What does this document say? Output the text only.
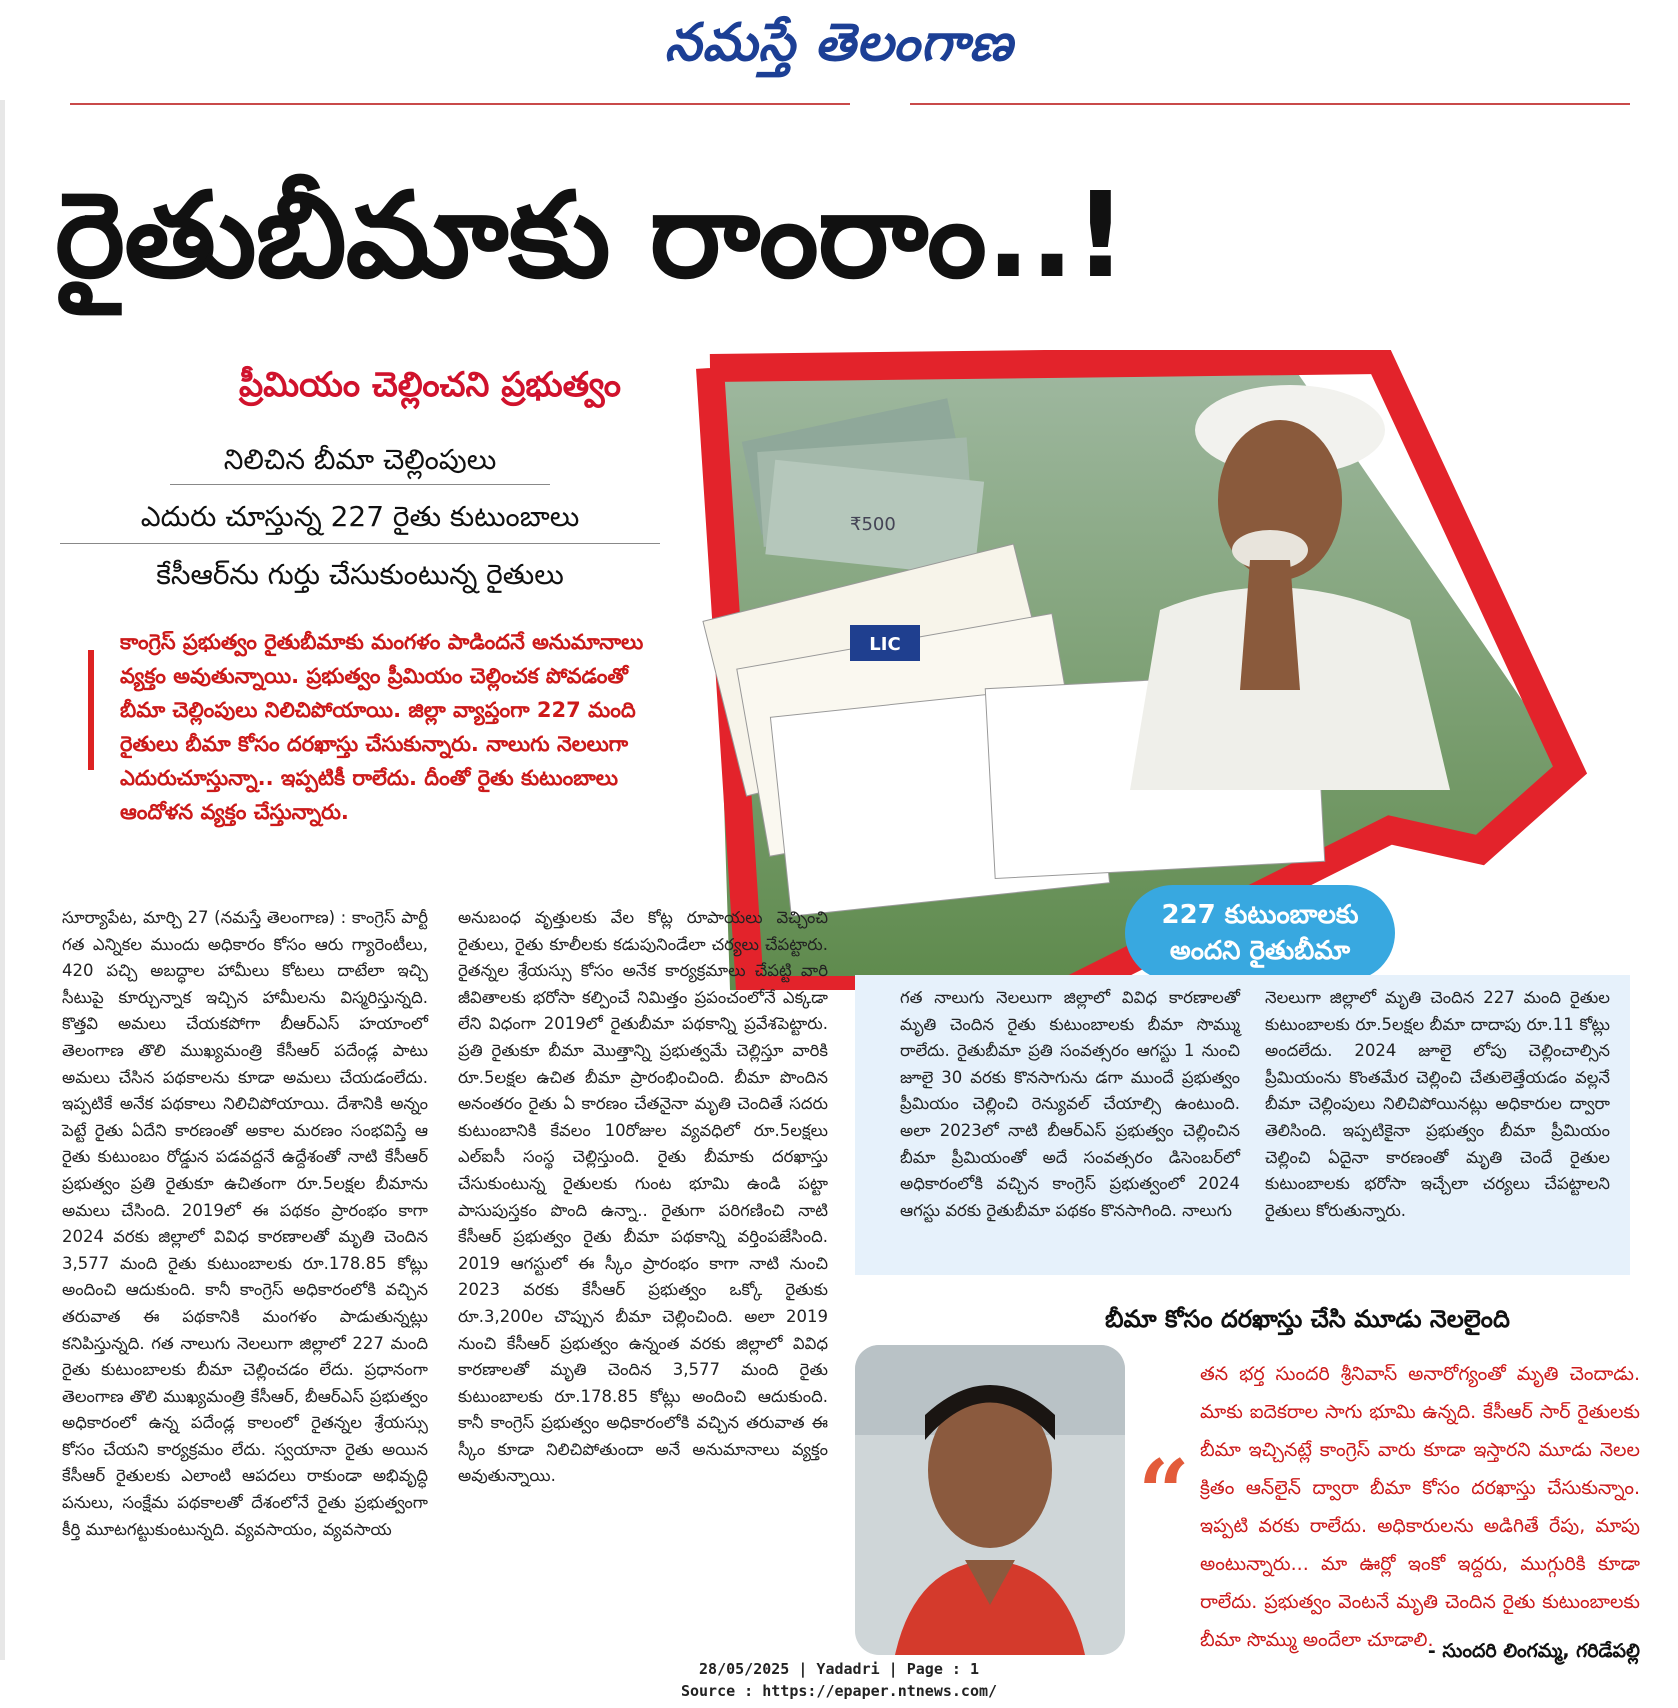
నమస్తే తెలంగాణ
రైతుబీమాకు రాంరాం..!
ప్రీమియం చెల్లించని ప్రభుత్వం
నిలిచిన బీమా చెల్లింపులు
ఎదురు చూస్తున్న 227 రైతు కుటుంబాలు
కేసీఆర్‌ను గుర్తు చేసుకుంటున్న రైతులు
కాంగ్రెస్‌ ప్రభుత్వం రైతుబీమాకు మంగళం పాడిందనే అనుమానాలు వ్యక్తం అవుతున్నాయి. ప్రభుత్వం ప్రీమియం చెల్లించక పోవడంతో బీమా చెల్లింపులు నిలిచిపోయాయి. జిల్లా వ్యాప్తంగా 227 మంది రైతులు బీమా కోసం దరఖాస్తు చేసుకున్నారు. నాలుగు నెలలుగా ఎదురుచూస్తున్నా.. ఇప్పటికీ రాలేదు. దీంతో రైతు కుటుంబాలు ఆందోళన వ్యక్తం చేస్తున్నారు.
₹500
LIC
227 కుటుంబాలకు అందని రైతుబీమా
సూర్యాపేట, మార్చి 27 (నమస్తే తెలంగాణ) : కాంగ్రెస్‌ పార్టీ గత ఎన్నికల ముందు అధికారం కోసం ఆరు గ్యారెంటీలు, 420 పచ్చి అబద్ధాల హామీలు కోటలు దాటేలా ఇచ్చి సీటుపై కూర్చున్నాక ఇచ్చిన హామీలను విస్మరిస్తున్నది. కొత్తవి అమలు చేయకపోగా బీఆర్‌ఎస్‌ హయాంలో తెలంగాణ తొలి ముఖ్యమంత్రి కేసీఆర్‌ పదేండ్ల పాటు అమలు చేసిన పథకాలను కూడా అమలు చేయడంలేదు. ఇప్పటికే అనేక పథకాలు నిలిచిపోయాయి. దేశానికి అన్నం పెట్టే రైతు ఏదేని కారణంతో అకాల మరణం సంభవిస్తే ఆ రైతు కుటుంబం రోడ్డున పడవద్దనే ఉద్దేశంతో నాటి కేసీఆర్‌ ప్రభుత్వం ప్రతి రైతుకూ ఉచితంగా రూ.5లక్షల బీమాను అమలు చేసింది. 2019లో ఈ పథకం ప్రారంభం కాగా 2024 వరకు జిల్లాలో వివిధ కారణాలతో మృతి చెందిన 3,577 మంది రైతు కుటుంబాలకు రూ.178.85 కోట్లు అందించి ఆదుకుంది. కానీ కాంగ్రెస్‌ అధికారంలోకి వచ్చిన తరువాత ఈ పథకానికి మంగళం పాడుతున్నట్లు కనిపిస్తున్నది. గత నాలుగు నెలలుగా జిల్లాలో 227 మంది రైతు కుటుంబాలకు బీమా చెల్లించడం లేదు. ప్రధానంగా తెలంగాణ తొలి ముఖ్యమంత్రి కేసీఆర్‌, బీఆర్‌ఎస్‌ ప్రభుత్వం అధికారంలో ఉన్న పదేండ్ల కాలంలో రైతన్నల శ్రేయస్సు కోసం చేయని కార్యక్రమం లేదు. స్వయానా రైతు అయిన కేసీఆర్‌ రైతులకు ఎలాంటి ఆపదలు రాకుండా అభివృద్ధి పనులు, సంక్షేమ పథకాలతో దేశంలోనే రైతు ప్రభుత్వంగా కీర్తి మూటగట్టుకుంటున్నది. వ్యవసాయం, వ్యవసాయ
అనుబంధ వృత్తులకు వేల కోట్ల రూపాయలు వెచ్చించి రైతులు, రైతు కూలీలకు కడుపునిండేలా చర్యలు చేపట్టారు. రైతన్నల శ్రేయస్సు కోసం అనేక కార్యక్రమాలు చేపట్టి వారి జీవితాలకు భరోసా కల్పించే నిమిత్తం ప్రపంచంలోనే ఎక్కడా లేని విధంగా 2019లో రైతుబీమా పథకాన్ని ప్రవేశపెట్టారు. ప్రతి రైతుకూ బీమా మొత్తాన్ని ప్రభుత్వమే చెల్లిస్తూ వారికి రూ.5లక్షల ఉచిత బీమా ప్రారంభించింది. బీమా పొందిన అనంతరం రైతు ఏ కారణం చేతనైనా మృతి చెందితే సదరు కుటుంబానికి కేవలం 10రోజుల వ్యవధిలో రూ.5లక్షలు ఎల్‌ఐసీ సంస్థ చెల్లిస్తుంది. రైతు బీమాకు దరఖాస్తు చేసుకుంటున్న రైతులకు గుంట భూమి ఉండి పట్టా పాసుపుస్తకం పొంది ఉన్నా.. రైతుగా పరిగణించి నాటి కేసీఆర్‌ ప్రభుత్వం రైతు బీమా పథకాన్ని వర్తింపజేసింది. 2019 ఆగస్టులో ఈ స్కీం ప్రారంభం కాగా నాటి నుంచి 2023 వరకు కేసీఆర్‌ ప్రభుత్వం ఒక్కో రైతుకు రూ.3,200ల చొప్పున బీమా చెల్లించింది. అలా 2019 నుంచి కేసీఆర్‌ ప్రభుత్వం ఉన్నంత వరకు జిల్లాలో వివిధ కారణాలతో మృతి చెందిన 3,577 మంది రైతు కుటుంబాలకు రూ.178.85 కోట్లు అందించి ఆదుకుంది. కానీ కాంగ్రెస్‌ ప్రభుత్వం అధికారంలోకి వచ్చిన తరువాత ఈ స్కీం కూడా నిలిచిపోతుందా అనే అనుమానాలు వ్యక్తం అవుతున్నాయి.
గత నాలుగు నెలలుగా జిల్లాలో వివిధ కారణాలతో మృతి చెందిన రైతు కుటుంబాలకు బీమా సొమ్ము రాలేదు. రైతుబీమా ప్రతి సంవత్సరం ఆగస్టు 1 నుంచి జూలై 30 వరకు కొనసాగును డగా ముందే ప్రభుత్వం ప్రీమియం చెల్లించి రెన్యువల్‌ చేయాల్సి ఉంటుంది. అలా 2023లో నాటి బీఆర్‌ఎస్‌ ప్రభుత్వం చెల్లించిన బీమా ప్రీమియంతో అదే సంవత్సరం డిసెంబర్‌లో అధికారంలోకి వచ్చిన కాంగ్రెస్‌ ప్రభుత్వంలో 2024 ఆగస్టు వరకు రైతుబీమా పథకం కొనసాగింది. నాలుగు
నెలలుగా జిల్లాలో మృతి చెందిన 227 మంది రైతుల కుటుంబాలకు రూ.5లక్షల బీమా దాదాపు రూ.11 కోట్లు అందలేదు. 2024 జూలై లోపు చెల్లించాల్సిన ప్రీమియంను కొంతమేర చెల్లించి చేతులెత్తేయడం వల్లనే బీమా చెల్లింపులు నిలిచిపోయినట్లు అధికారుల ద్వారా తెలిసింది. ఇప్పటికైనా ప్రభుత్వం బీమా ప్రీమియం చెల్లించి ఏదైనా కారణంతో మృతి చెందే రైతుల కుటుంబాలకు భరోసా ఇచ్చేలా చర్యలు చేపట్టాలని రైతులు కోరుతున్నారు.
బీమా కోసం దరఖాస్తు చేసి మూడు నెలలైంది
“
తన భర్త సుందరి శ్రీనివాస్‌ అనారోగ్యంతో మృతి చెందాడు. మాకు ఐదెకరాల సాగు భూమి ఉన్నది. కేసీఆర్‌ సార్‌ రైతులకు బీమా ఇచ్చినట్లే కాంగ్రెస్‌ వారు కూడా ఇస్తారని మూడు నెలల క్రితం ఆన్‌లైన్‌ ద్వారా బీమా కోసం దరఖాస్తు చేసుకున్నాం. ఇప్పటి వరకు రాలేదు. అధికారులను అడిగితే రేపు, మాపు అంటున్నారు... మా ఊర్లో ఇంకో ఇద్దరు, ముగ్గురికి కూడా రాలేదు. ప్రభుత్వం వెంటనే మృతి చెందిన రైతు కుటుంబాలకు బీమా సొమ్ము అందేలా చూడాలి.
- సుందరి లింగమ్మ, గరిడేపల్లి
28/05/2025 | Yadadri | Page : 1
Source : https://epaper.ntnews.com/
